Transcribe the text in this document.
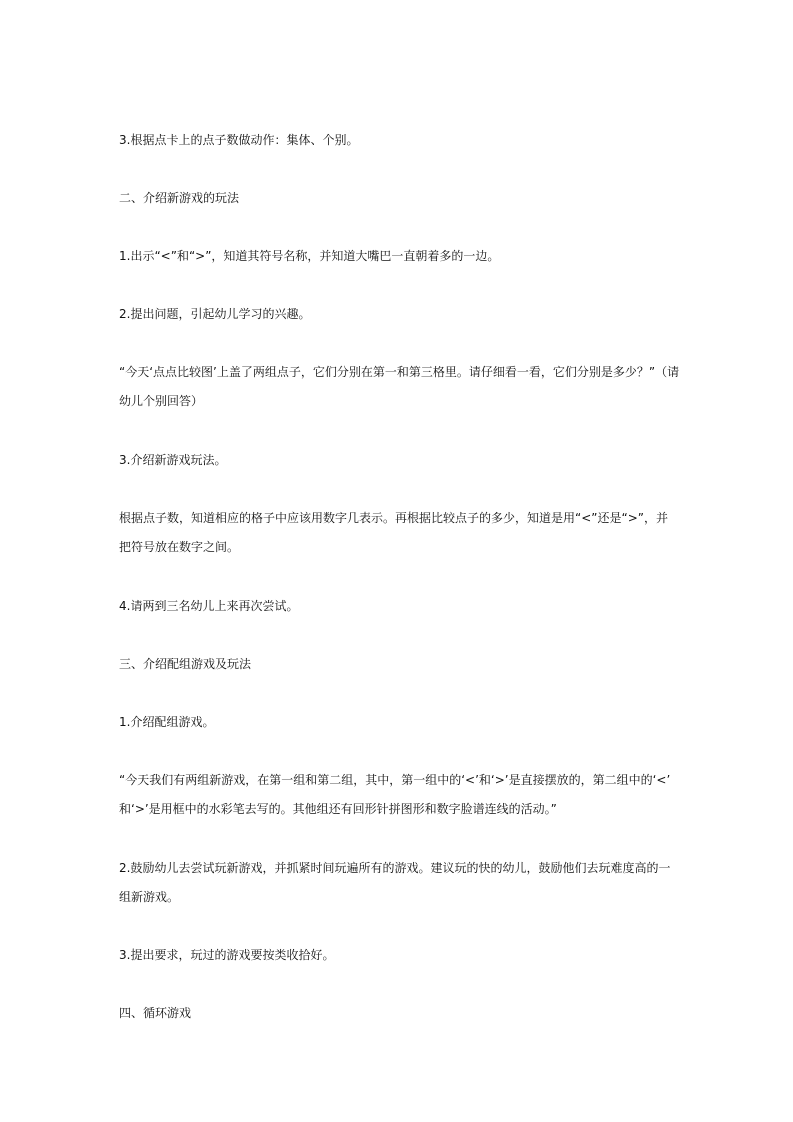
3.根据点卡上的点子数做动作：集体、个别。

二、介绍新游戏的玩法

1.出示“<”和“>”，知道其符号名称，并知道大嘴巴一直朝着多的一边。

2.提出问题，引起幼儿学习的兴趣。

“今天‘点点比较图’上盖了两组点子，它们分别在第一和第三格里。请仔细看一看，它们分别是多少？”（请
幼儿个别回答）

3.介绍新游戏玩法。

根据点子数，知道相应的格子中应该用数字几表示。再根据比较点子的多少，知道是用“<”还是“>”，并
把符号放在数字之间。

4.请两到三名幼儿上来再次尝试。

三、介绍配组游戏及玩法

1.介绍配组游戏。

“今天我们有两组新游戏，在第一组和第二组，其中，第一组中的‘<’和‘>’是直接摆放的，第二组中的‘<’
和‘>’是用框中的水彩笔去写的。其他组还有回形针拼图形和数字脸谱连线的活动。”

2.鼓励幼儿去尝试玩新游戏，并抓紧时间玩遍所有的游戏。建议玩的快的幼儿，鼓励他们去玩难度高的一
组新游戏。

3.提出要求，玩过的游戏要按类收拾好。

四、循环游戏
